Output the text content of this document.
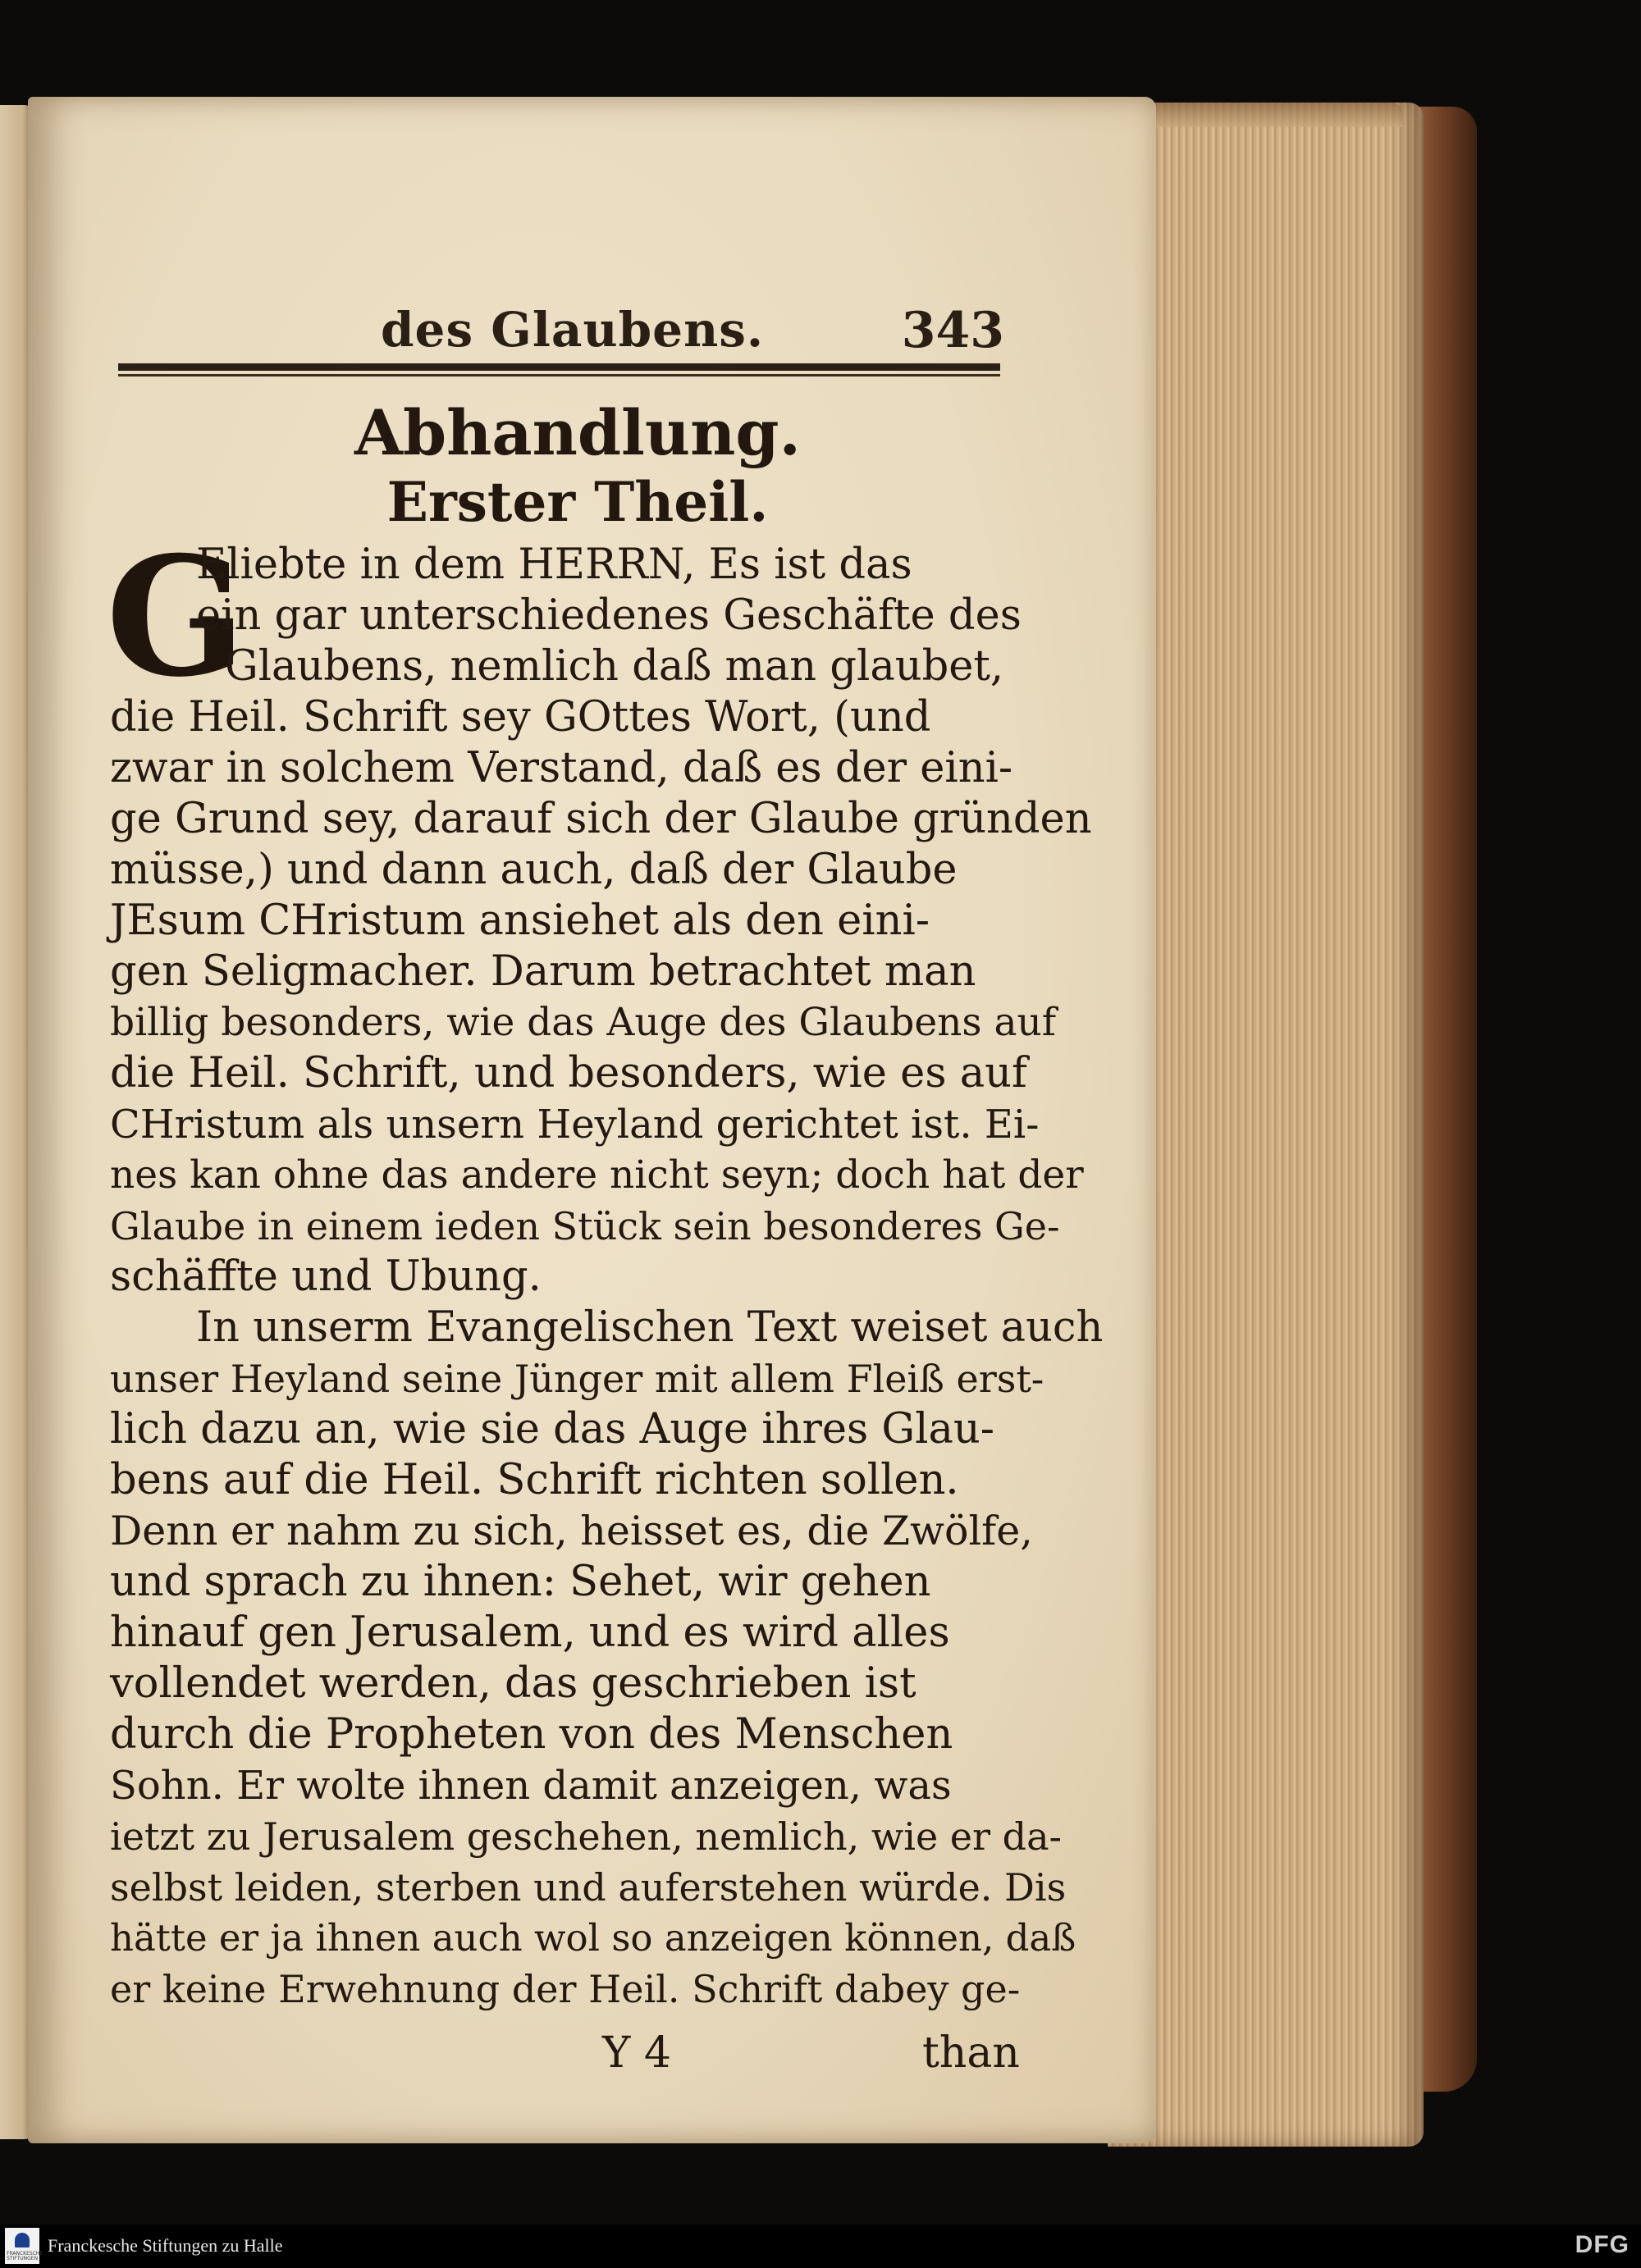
des Glaubens.	343
Abhandlung.
Erster Theil.
G
Eliebte in dem HERRN, Es ist das
ein gar unterschiedenes Geschäfte des
Glaubens, nemlich daß man glaubet,
die Heil. Schrift sey GOttes Wort, (und
zwar in solchem Verstand, daß es der eini-
ge Grund sey, darauf sich der Glaube gründen
müsse,) und dann auch, daß der Glaube
JEsum CHristum ansiehet als den eini-
gen Seligmacher. Darum betrachtet man
billig besonders, wie das Auge des Glaubens auf
die Heil. Schrift, und besonders, wie es auf
CHristum als unsern Heyland gerichtet ist. Ei-
nes kan ohne das andere nicht seyn; doch hat der
Glaube in einem ieden Stück sein besonderes Ge-
schäffte und Ubung.
In unserm Evangelischen Text weiset auch
unser Heyland seine Jünger mit allem Fleiß erst-
lich dazu an, wie sie das Auge ihres Glau-
bens auf die Heil. Schrift richten sollen.
Denn er nahm zu sich, heisset es, die Zwölfe,
und sprach zu ihnen: Sehet, wir gehen
hinauf gen Jerusalem, und es wird alles
vollendet werden, das geschrieben ist
durch die Propheten von des Menschen
Sohn. Er wolte ihnen damit anzeigen, was
ietzt zu Jerusalem geschehen, nemlich, wie er da-
selbst leiden, sterben und auferstehen würde. Dis
hätte er ja ihnen auch wol so anzeigen können, daß
er keine Erwehnung der Heil. Schrift dabey ge-
Y 4	than
FRANCKESCHE STIFTUNGEN
Franckesche Stiftungen zu Halle	DFG
